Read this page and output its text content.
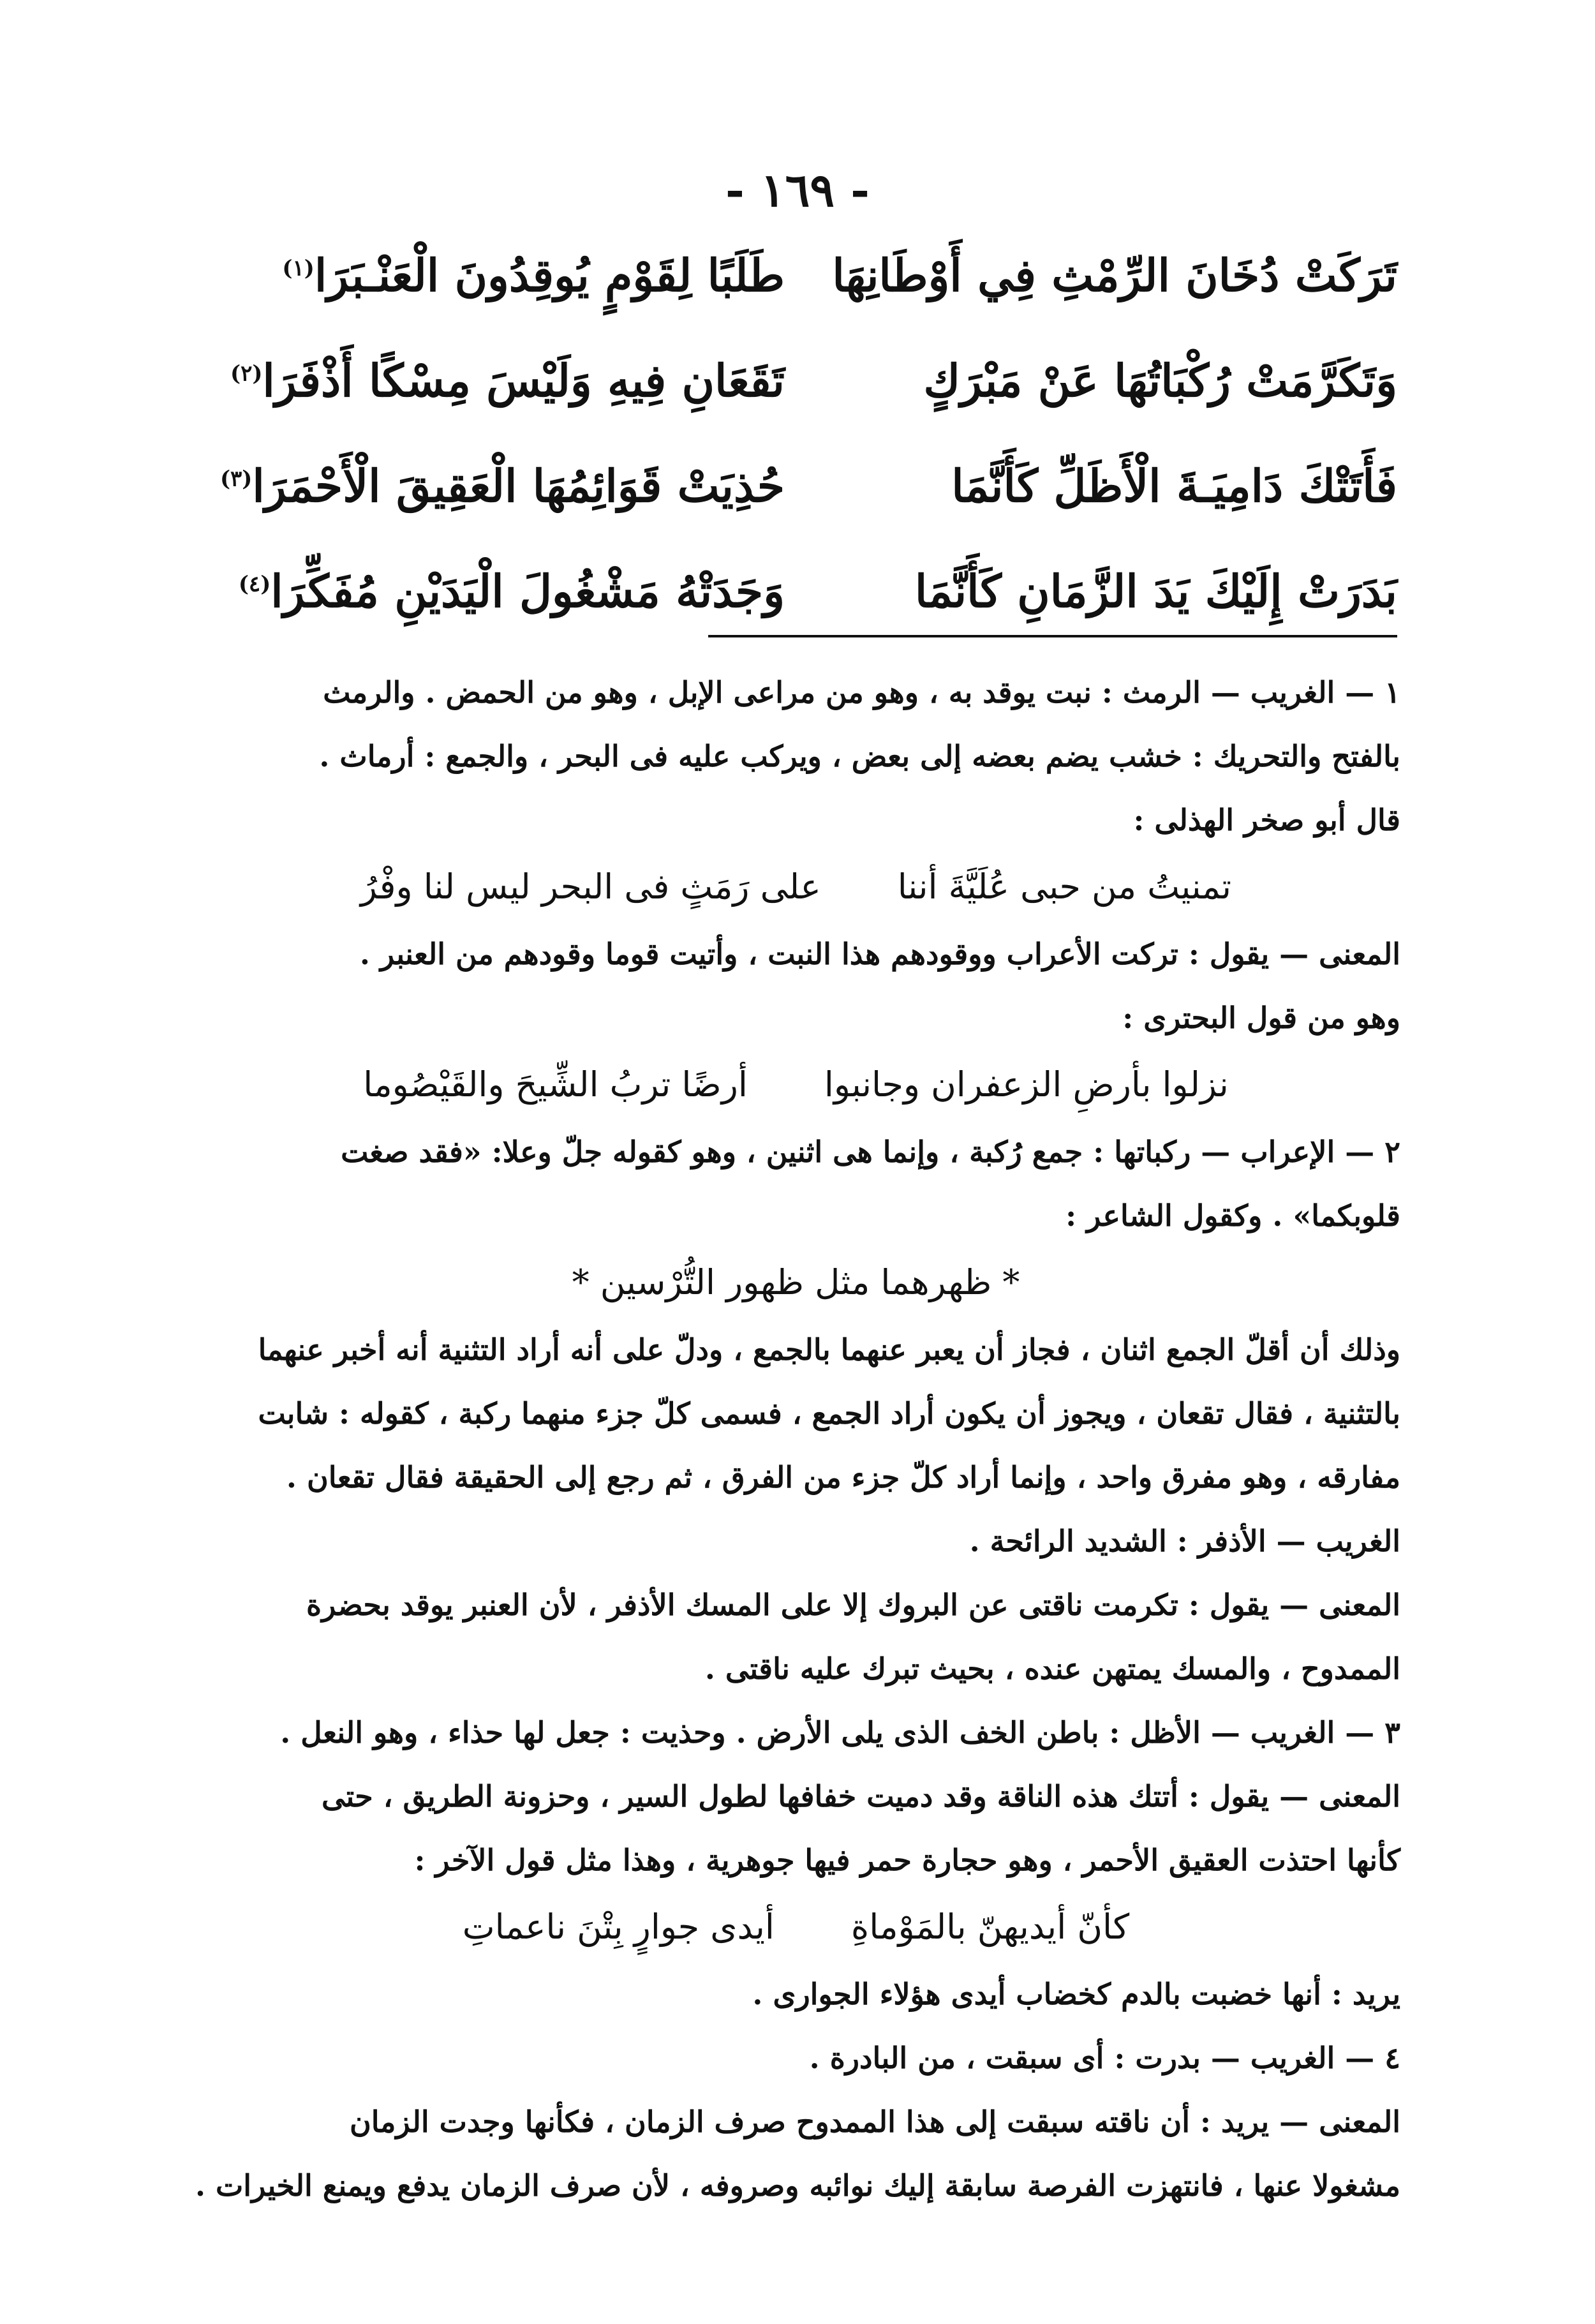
- ١٦٩ -
تَرَكَتْ دُخَانَ الرِّمْثِ فِي أَوْطَانِهَا
طَلَبًا لِقَوْمٍ يُوقِدُونَ الْعَنْـبَرَا$^{(١)}$
وَتَكَرَّمَتْ رُكْبَاتُهَا عَنْ مَبْرَكٍ
تَقَعَانِ فِيهِ وَلَيْسَ مِسْكًا أَذْفَرَا$^{(٢)}$
فَأَتَتْكَ دَامِيَـةَ الْأَظَلِّ كَأَنَّمَا
حُذِيَتْ قَوَائِمُهَا الْعَقِيقَ الْأَحْمَرَا$^{(٣)}$
بَدَرَتْ إِلَيْكَ يَدَ الزَّمَانِ كَأَنَّمَا
وَجَدَتْهُ مَشْغُولَ الْيَدَيْنِ مُفَكِّرَا$^{(٤)}$

١ — الغريب — الرمث : نبت يوقد به ، وهو من مراعى الإبل ، وهو من الحمض . والرمث

بالفتح والتحريك : خشب يضم بعضه إلى بعض ، ويركب عليه فى البحر ، والجمع : أرماث .

قال أبو صخر الهذلى :

تمنيتُ من حبى عُلَيَّةَ أنناعلى رَمَثٍ فى البحر ليس لنا وفْرُ

المعنى — يقول : تركت الأعراب ووقودهم هذا النبت ، وأتيت قوما وقودهم من العنبر .

وهو من قول البحترى :

نزلوا بأرضِ الزعفران وجانبواأرضًا تربُ الشِّيحَ والقَيْصُوما

٢ — الإعراب — ركباتها : جمع رُكبة ، وإنما هى اثنين ، وهو كقوله جلّ وعلا: «فقد صغت

قلوبكما» . وكقول الشاعر :

* ظهرهما مثل ظهور التُّرْسين *

وذلك أن أقلّ الجمع اثنان ، فجاز أن يعبر عنهما بالجمع ، ودلّ على أنه أراد التثنية أنه أخبر عنهما

بالتثنية ، فقال تقعان ، ويجوز أن يكون أراد الجمع ، فسمى كلّ جزء منهما ركبة ، كقوله : شابت

مفارقه ، وهو مفرق واحد ، وإنما أراد كلّ جزء من الفرق ، ثم رجع إلى الحقيقة فقال تقعان .

الغريب — الأذفر : الشديد الرائحة .

المعنى — يقول : تكرمت ناقتى عن البروك إلا على المسك الأذفر ، لأن العنبر يوقد بحضرة

الممدوح ، والمسك يمتهن عنده ، بحيث تبرك عليه ناقتى .

٣ — الغريب — الأظل : باطن الخف الذى يلى الأرض . وحذيت : جعل لها حذاء ، وهو النعل .

المعنى — يقول : أتتك هذه الناقة وقد دميت خفافها لطول السير ، وحزونة الطريق ، حتى

كأنها احتذت العقيق الأحمر ، وهو حجارة حمر فيها جوهرية ، وهذا مثل قول الآخر :

كأنّ أيديهنّ بالمَوْماةِأيدى جوارٍ بِتْنَ ناعماتِ

يريد : أنها خضبت بالدم كخضاب أيدى هؤلاء الجوارى .

٤ — الغريب — بدرت : أى سبقت ، من البادرة .

المعنى — يريد : أن ناقته سبقت إلى هذا الممدوح صرف الزمان ، فكأنها وجدت الزمان

مشغولا عنها ، فانتهزت الفرصة سابقة إليك نوائبه وصروفه ، لأن صرف الزمان يدفع ويمنع الخيرات .
